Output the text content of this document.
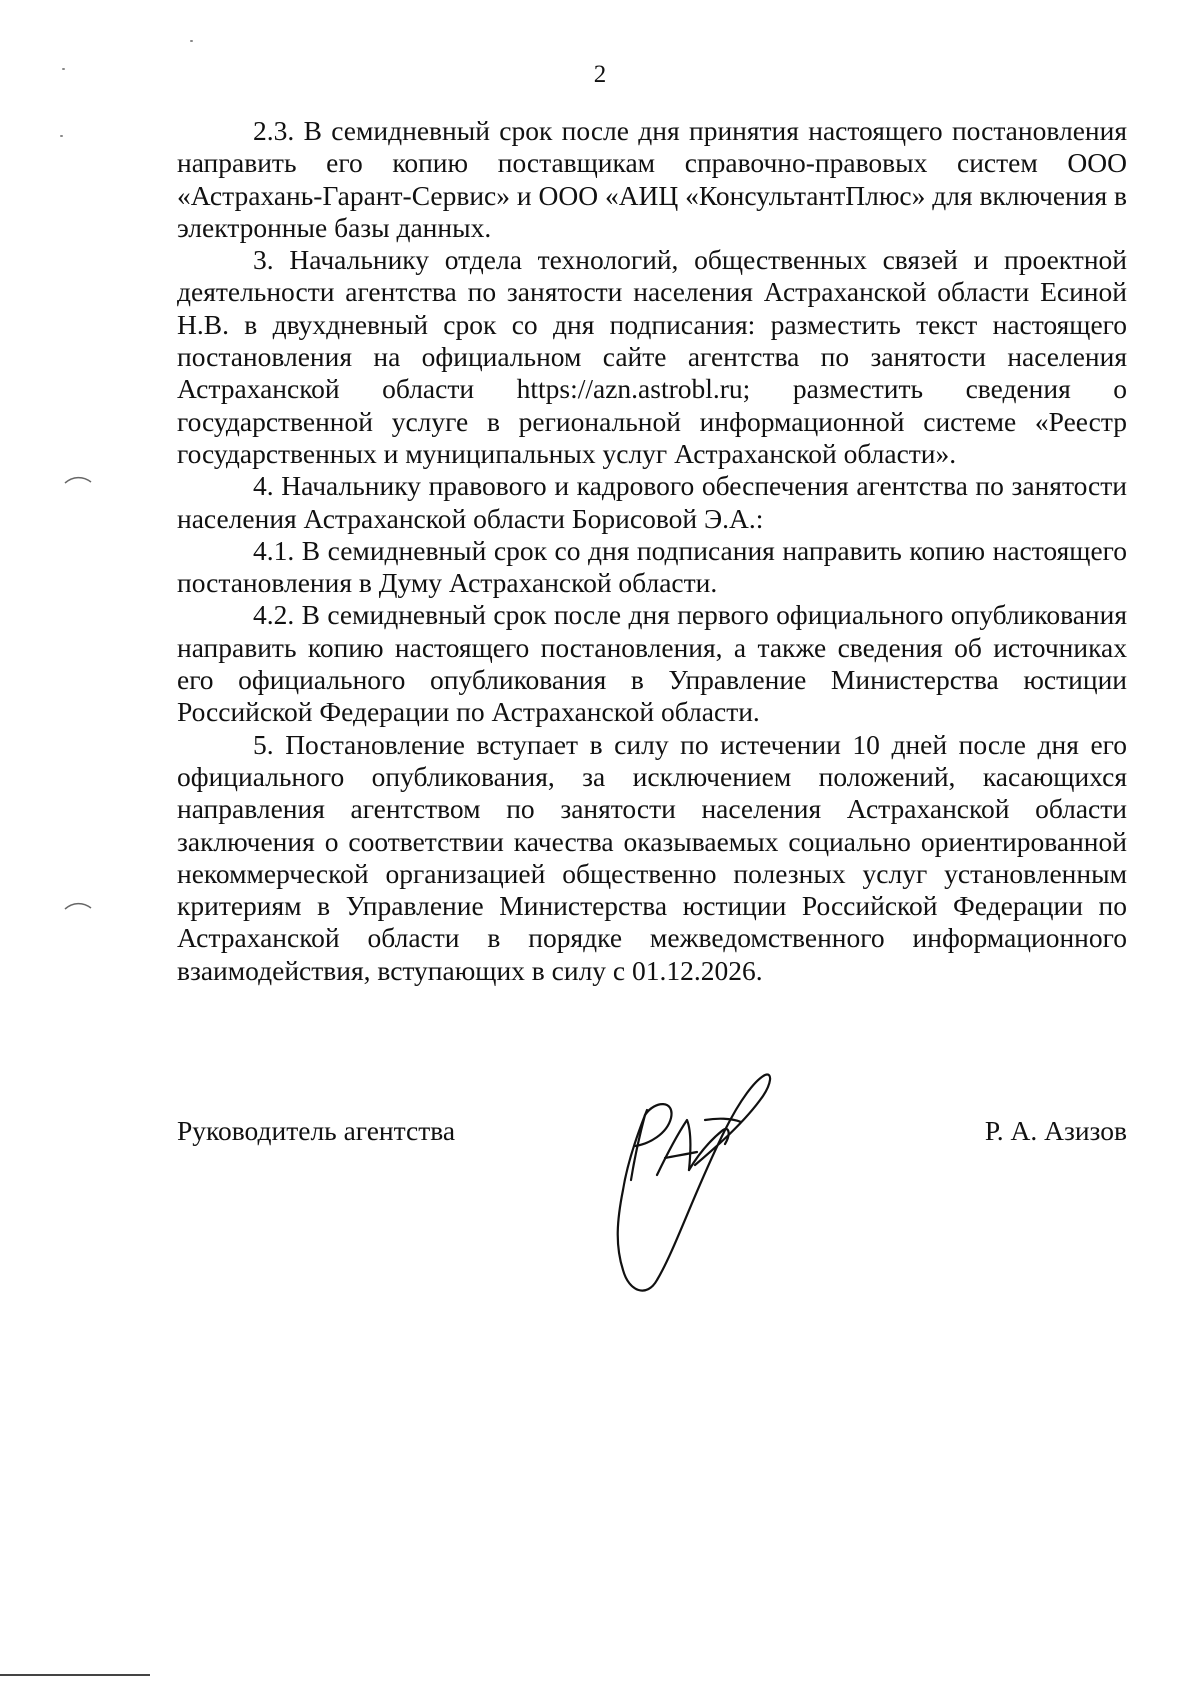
2

2.3. В семидневный срок после дня принятия настоящего постановления направить его копию поставщикам справочно-правовых систем ООО «Астрахань-Гарант-Сервис» и ООО «АИЦ «КонсультантПлюс» для включения в электронные базы данных.

3. Начальнику отдела технологий, общественных связей и проектной деятельности агентства по занятости населения Астраханской области Есиной Н.В. в двухдневный срок со дня подписания: разместить текст настоящего постановления на официальном сайте агентства по занятости населения Астраханской области https://azn.astrobl.ru; разместить сведения о государственной услуге в региональной информационной системе «Реестр государственных и муниципальных услуг Астраханской области».

4. Начальнику правового и кадрового обеспечения агентства по занятости населения Астраханской области Борисовой Э.А.:

4.1. В семидневный срок со дня подписания направить копию настоящего постановления в Думу Астраханской области.

4.2. В семидневный срок после дня первого официального опубликования направить копию настоящего постановления, а также сведения об источниках его официального опубликования в Управление Министерства юстиции Российской Федерации по Астраханской области.

5. Постановление вступает в силу по истечении 10 дней после дня его официального опубликования, за исключением положений, касающихся направления агентством по занятости населения Астраханской области заключения о соответствии качества оказываемых социально ориентированной некоммерческой организацией общественно полезных услуг установленным критериям в Управление Министерства юстиции Российской Федерации по Астраханской области в порядке межведомственного информационного взаимодействия, вступающих в силу с 01.12.2026.

Руководитель агентства	Р. А. Азизов
